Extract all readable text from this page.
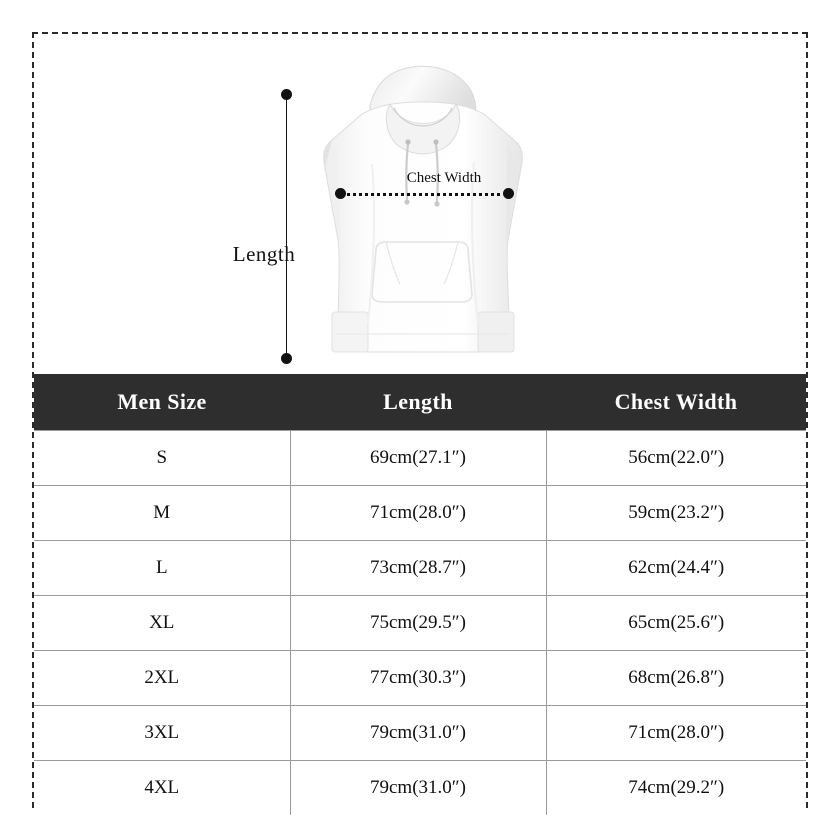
Length
Chest Width
Men Size	Length	Chest Width
S	69cm(27.1″)	56cm(22.0″)
M	71cm(28.0″)	59cm(23.2″)
L	73cm(28.7″)	62cm(24.4″)
XL	75cm(29.5″)	65cm(25.6″)
2XL	77cm(30.3″)	68cm(26.8″)
3XL	79cm(31.0″)	71cm(28.0″)
4XL	79cm(31.0″)	74cm(29.2″)
